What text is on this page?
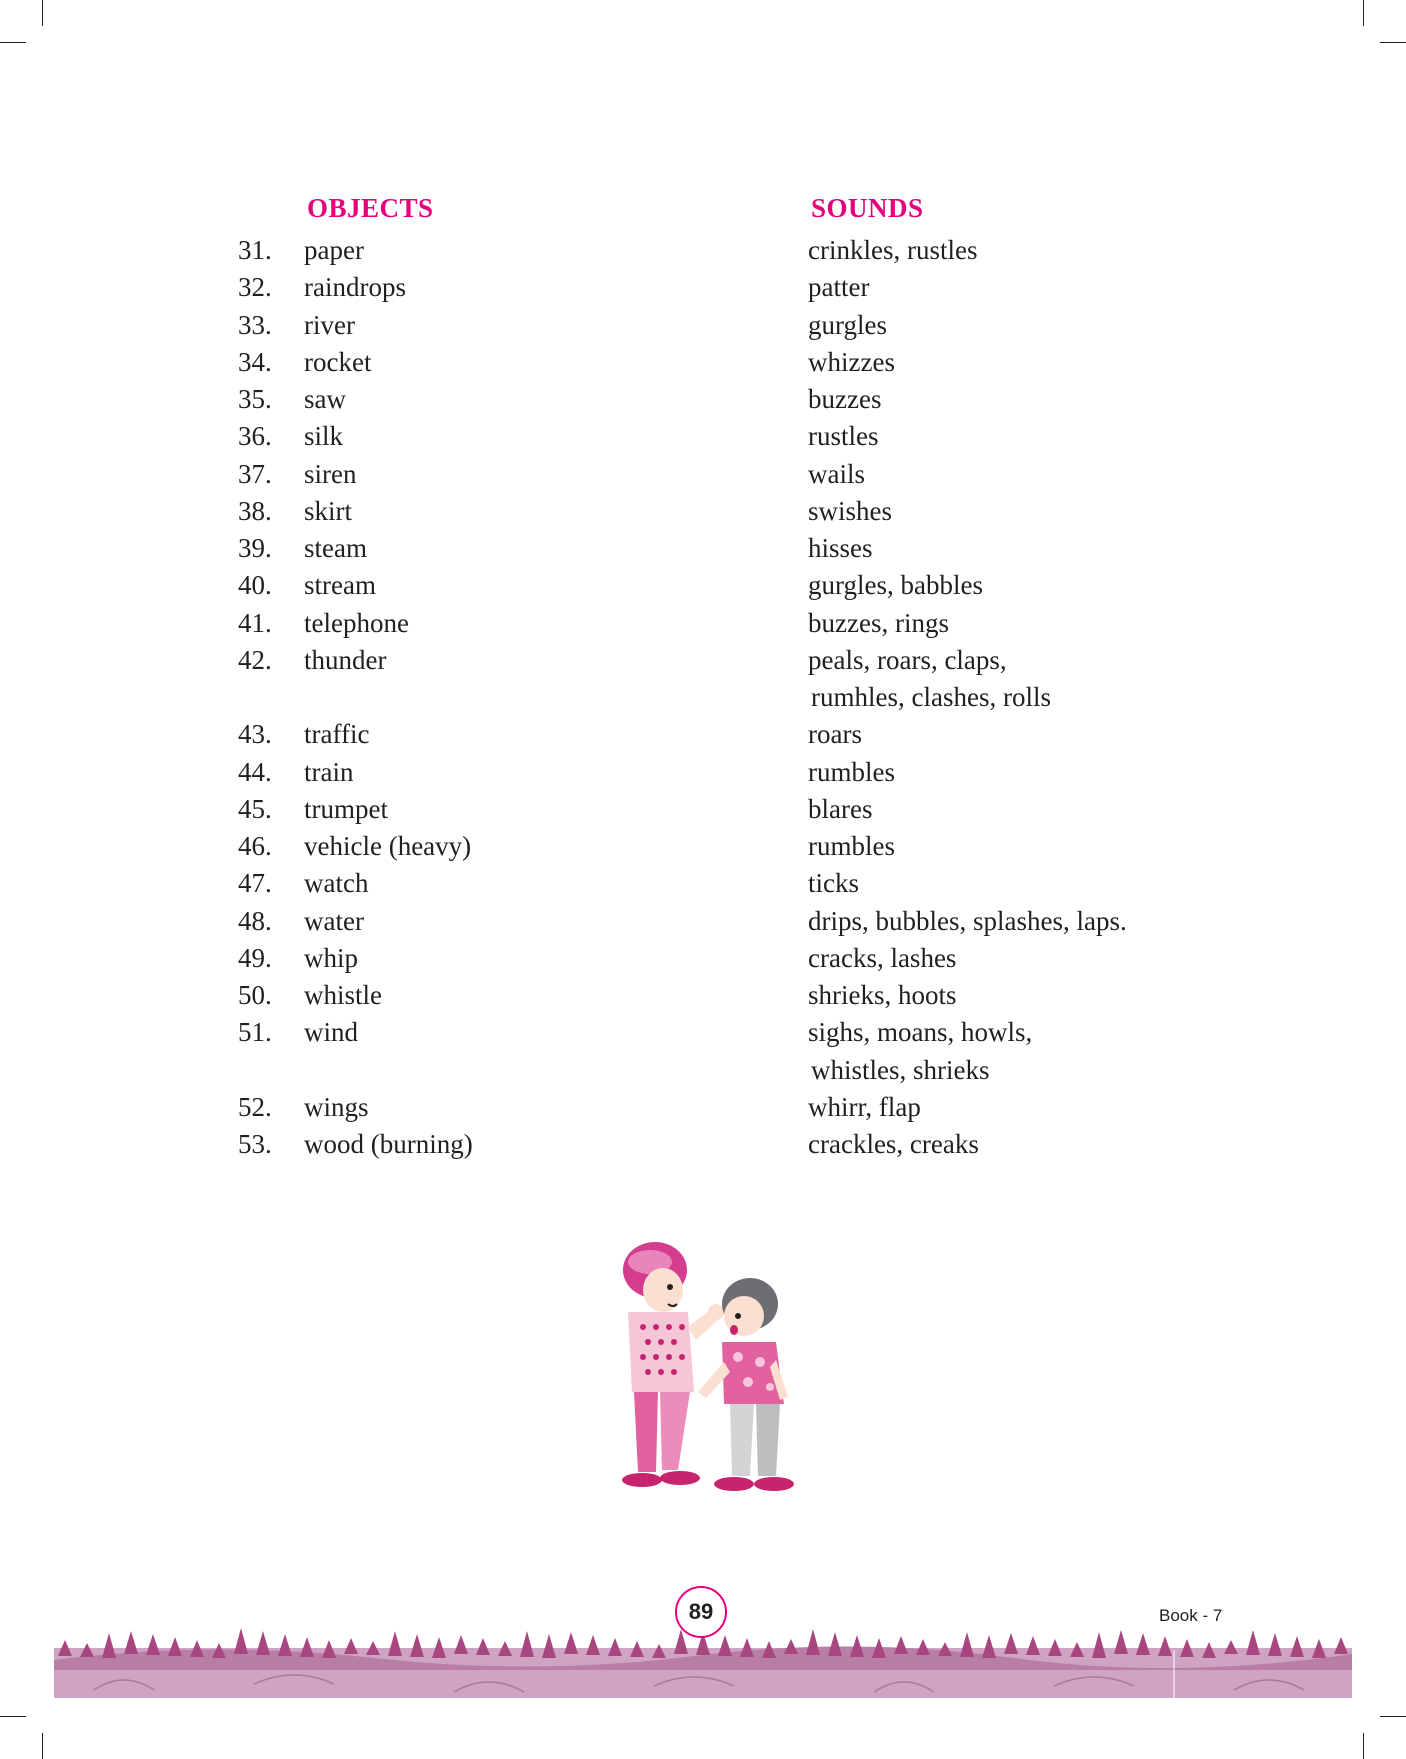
OBJECTS	SOUNDS
31. paper	crinkles, rustles
32. raindrops	patter
33. river	gurgles
34. rocket	whizzes
35. saw	buzzes
36. silk	rustles
37. siren	wails
38. skirt	swishes
39. steam	hisses
40. stream	gurgles, babbles
41. telephone	buzzes, rings
42. thunder	peals, roars, claps,
rumhles, clashes, rolls
43. traffic	roars
44. train	rumbles
45. trumpet	blares
46. vehicle (heavy)	rumbles
47. watch	ticks
48. water	drips, bubbles, splashes, laps.
49. whip	cracks, lashes
50. whistle	shrieks, hoots
51. wind	sighs, moans, howls,
whistles, shrieks
52. wings	whirr, flap
53. wood (burning)	crackles, creaks
89	Book - 7
